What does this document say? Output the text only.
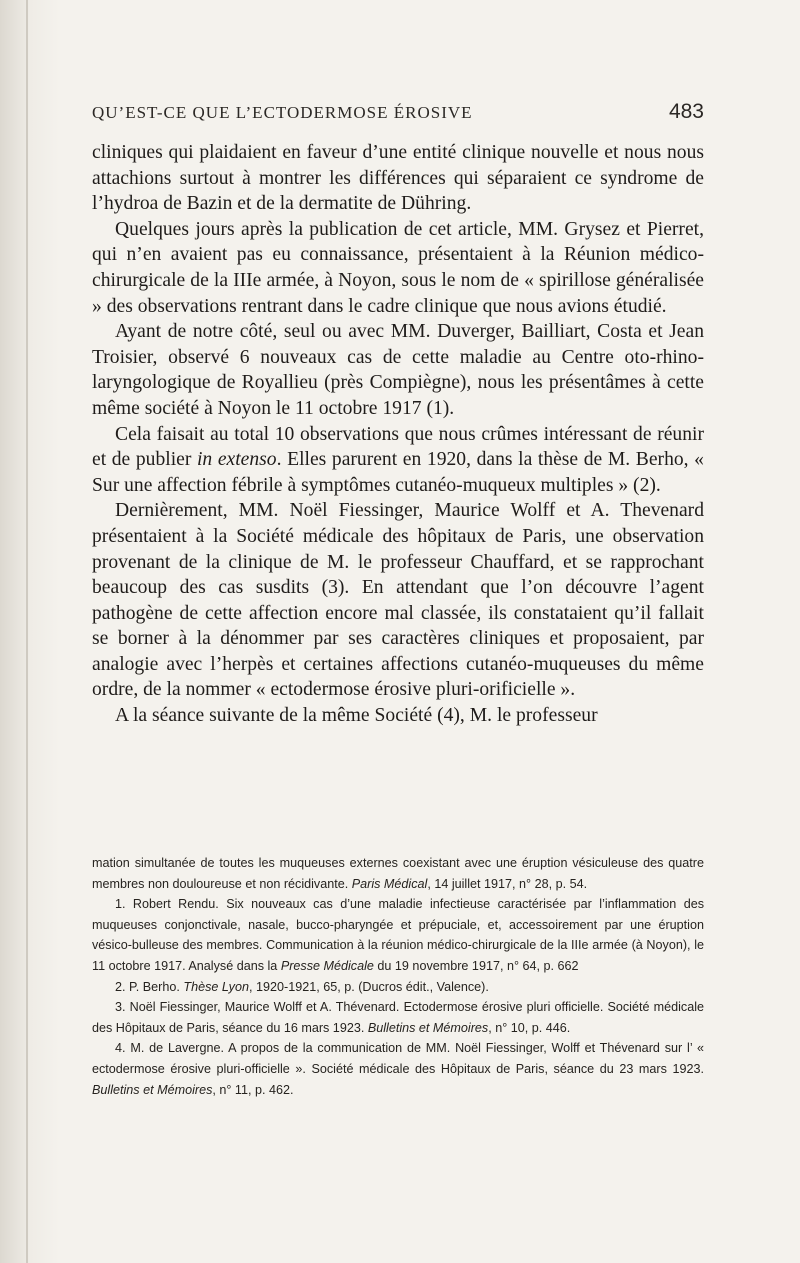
QU’EST-CE QUE L’ECTODERMOSE ÉROSIVE	483

cliniques qui plaidaient en faveur d’une entité clinique nouvelle et nous nous attachions surtout à montrer les différences qui séparaient ce syndrome de l’hydroa de Bazin et de la dermatite de Dühring.

Quelques jours après la publication de cet article, MM. Grysez et Pierret, qui n’en avaient pas eu connaissance, présentaient à la Réunion médico-chirurgicale de la IIIe armée, à Noyon, sous le nom de « spirillose généralisée » des observations rentrant dans le cadre clinique que nous avions étudié.

Ayant de notre côté, seul ou avec MM. Duverger, Bailliart, Costa et Jean Troisier, observé 6 nouveaux cas de cette maladie au Centre oto-rhino-laryngologique de Royallieu (près Compiègne), nous les présentâmes à cette même société à Noyon le 11 octobre 1917 (1).

Cela faisait au total 10 observations que nous crûmes intéressant de réunir et de publier in extenso. Elles parurent en 1920, dans la thèse de M. Berho, « Sur une affection fébrile à symptômes cutanéo-muqueux multiples » (2).

Dernièrement, MM. Noël Fiessinger, Maurice Wolff et A. Thevenard présentaient à la Société médicale des hôpitaux de Paris, une observation provenant de la clinique de M. le professeur Chauffard, et se rapprochant beaucoup des cas susdits (3). En attendant que l’on découvre l’agent pathogène de cette affection encore mal classée, ils constataient qu’il fallait se borner à la dénommer par ses caractères cliniques et proposaient, par analogie avec l’herpès et certaines affections cutanéo-muqueuses du même ordre, de la nommer « ectodermose érosive pluri-orificielle ».

A la séance suivante de la même Société (4), M. le professeur

mation simultanée de toutes les muqueuses externes coexistant avec une éruption vésiculeuse des quatre membres non douloureuse et non récidivante. Paris Médical, 14 juillet 1917, n° 28, p. 54.

1. Robert Rendu. Six nouveaux cas d’une maladie infectieuse caractérisée par l’inflammation des muqueuses conjonctivale, nasale, bucco-pharyngée et prépuciale, et, accessoirement par une éruption vésico-bulleuse des membres. Communication à la réunion médico-chirurgicale de la IIIe armée (à Noyon), le 11 octobre 1917. Analysé dans la Presse Médicale du 19 novembre 1917, n° 64, p. 662

2. P. Berho. Thèse Lyon, 1920-1921, 65, p. (Ducros édit., Valence).

3. Noël Fiessinger, Maurice Wolff et A. Thévenard. Ectodermose érosive pluri officielle. Société médicale des Hôpitaux de Paris, séance du 16 mars 1923. Bulletins et Mémoires, n° 10, p. 446.

4. M. de Lavergne. A propos de la communication de MM. Noël Fiessinger, Wolff et Thévenard sur l’ « ectodermose érosive pluri-officielle ». Société médicale des Hôpitaux de Paris, séance du 23 mars 1923. Bulletins et Mémoires, n° 11, p. 462.
